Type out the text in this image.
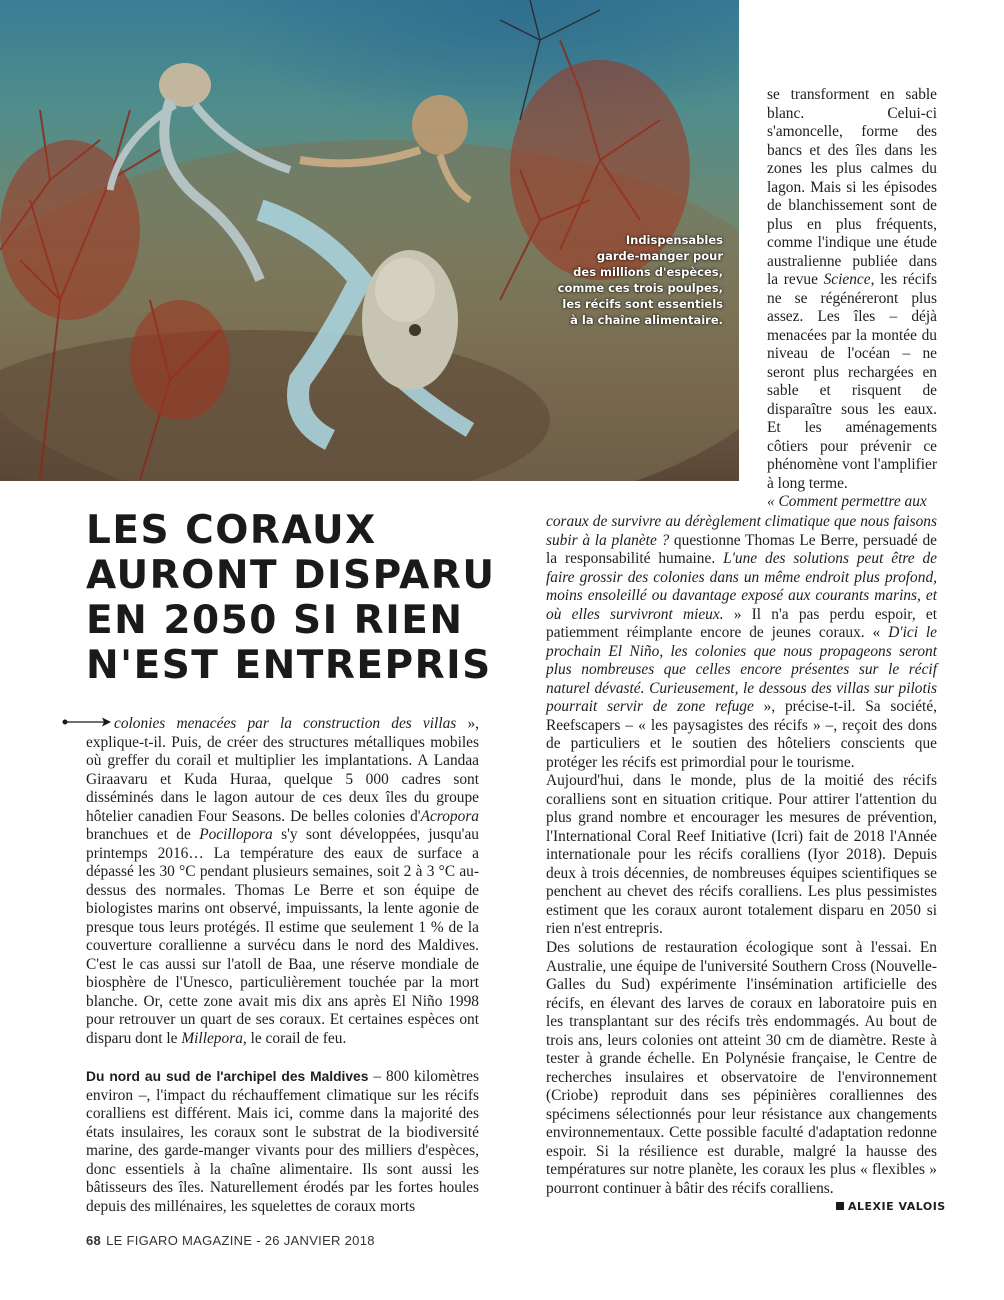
Indispensables
garde-manger pour
des millions d'espèces,
comme ces trois poulpes,
les récifs sont essentiels
à la chaîne alimentaire.

se transforment en sable blanc. Celui-ci s'amoncelle, forme des bancs et des îles dans les zones les plus calmes du lagon. Mais si les épisodes de blanchissement sont de plus en plus fréquents, comme l'indique une étude australienne publiée dans la revue Science, les récifs ne se régénéreront plus assez. Les îles – déjà menacées par la montée du niveau de l'océan – ne seront plus rechargées en sable et risquent de disparaître sous les eaux. Et les aménagements côtiers pour prévenir ce phénomène vont l'amplifier à long terme.
« Comment permettre aux

LES CORAUX AURONT DISPARU EN 2050 SI RIEN N'EST ENTREPRIS

colonies menacées par la construction des villas », explique-t-il. Puis, de créer des structures métalliques mobiles où greffer du corail et multiplier les implantations. A Landaa Giraavaru et Kuda Huraa, quelque 5 000 cadres sont disséminés dans le lagon autour de ces deux îles du groupe hôtelier canadien Four Seasons. De belles colonies d'Acropora branchues et de Pocillopora s'y sont développées, jusqu'au printemps 2016… La température des eaux de surface a dépassé les 30 °C pendant plusieurs semaines, soit 2 à 3 °C au-dessus des normales. Thomas Le Berre et son équipe de biologistes marins ont observé, impuissants, la lente agonie de presque tous leurs protégés. Il estime que seulement 1 % de la couverture corallienne a survécu dans le nord des Maldives. C'est le cas aussi sur l'atoll de Baa, une réserve mondiale de biosphère de l'Unesco, particulièrement touchée par la mort blanche. Or, cette zone avait mis dix ans après El Niño 1998 pour retrouver un quart de ses coraux. Et certaines espèces ont disparu dont le Millepora, le corail de feu.

Du nord au sud de l'archipel des Maldives – 800 kilomètres environ –, l'impact du réchauffement climatique sur les récifs coralliens est différent. Mais ici, comme dans la majorité des états insulaires, les coraux sont le substrat de la biodiversité marine, des garde-manger vivants pour des milliers d'espèces, donc essentiels à la chaîne alimentaire. Ils sont aussi les bâtisseurs des îles. Naturellement érodés par les fortes houles depuis des millénaires, les squelettes de coraux morts

coraux de survivre au dérèglement climatique que nous faisons subir à la planète ? questionne Thomas Le Berre, persuadé de la responsabilité humaine. L'une des solutions peut être de faire grossir des colonies dans un même endroit plus profond, moins ensoleillé ou davantage exposé aux courants marins, et où elles survivront mieux. » Il n'a pas perdu espoir, et patiemment réimplante encore de jeunes coraux. « D'ici le prochain El Niño, les colonies que nous propageons seront plus nombreuses que celles encore présentes sur le récif naturel dévasté. Curieusement, le dessous des villas sur pilotis pourrait servir de zone refuge », précise-t-il. Sa société, Reefscapers – « les paysagistes des récifs » –, reçoit des dons de particuliers et le soutien des hôteliers conscients que protéger les récifs est primordial pour le tourisme.

Aujourd'hui, dans le monde, plus de la moitié des récifs coralliens sont en situation critique. Pour attirer l'attention du plus grand nombre et encourager les mesures de prévention, l'International Coral Reef Initiative (Icri) fait de 2018 l'Année internationale pour les récifs coralliens (Iyor 2018). Depuis deux à trois décennies, de nombreuses équipes scientifiques se penchent au chevet des récifs coralliens. Les plus pessimistes estiment que les coraux auront totalement disparu en 2050 si rien n'est entrepris.

Des solutions de restauration écologique sont à l'essai. En Australie, une équipe de l'université Southern Cross (Nouvelle-Galles du Sud) expérimente l'insémination artificielle des récifs, en élevant des larves de coraux en laboratoire puis en les transplantant sur des récifs très endommagés. Au bout de trois ans, leurs colonies ont atteint 30 cm de diamètre. Reste à tester à grande échelle. En Polynésie française, le Centre de recherches insulaires et observatoire de l'environnement (Criobe) reproduit dans ses pépinières coralliennes des spécimens sélectionnés pour leur résistance aux changements environnementaux. Cette possible faculté d'adaptation redonne espoir. Si la résilience est durable, malgré la hausse des températures sur notre planète, les coraux les plus « flexibles » pourront continuer à bâtir des récifs coralliens.

ALEXIE VALOIS
68 LE FIGARO MAGAZINE - 26 JANVIER 2018
